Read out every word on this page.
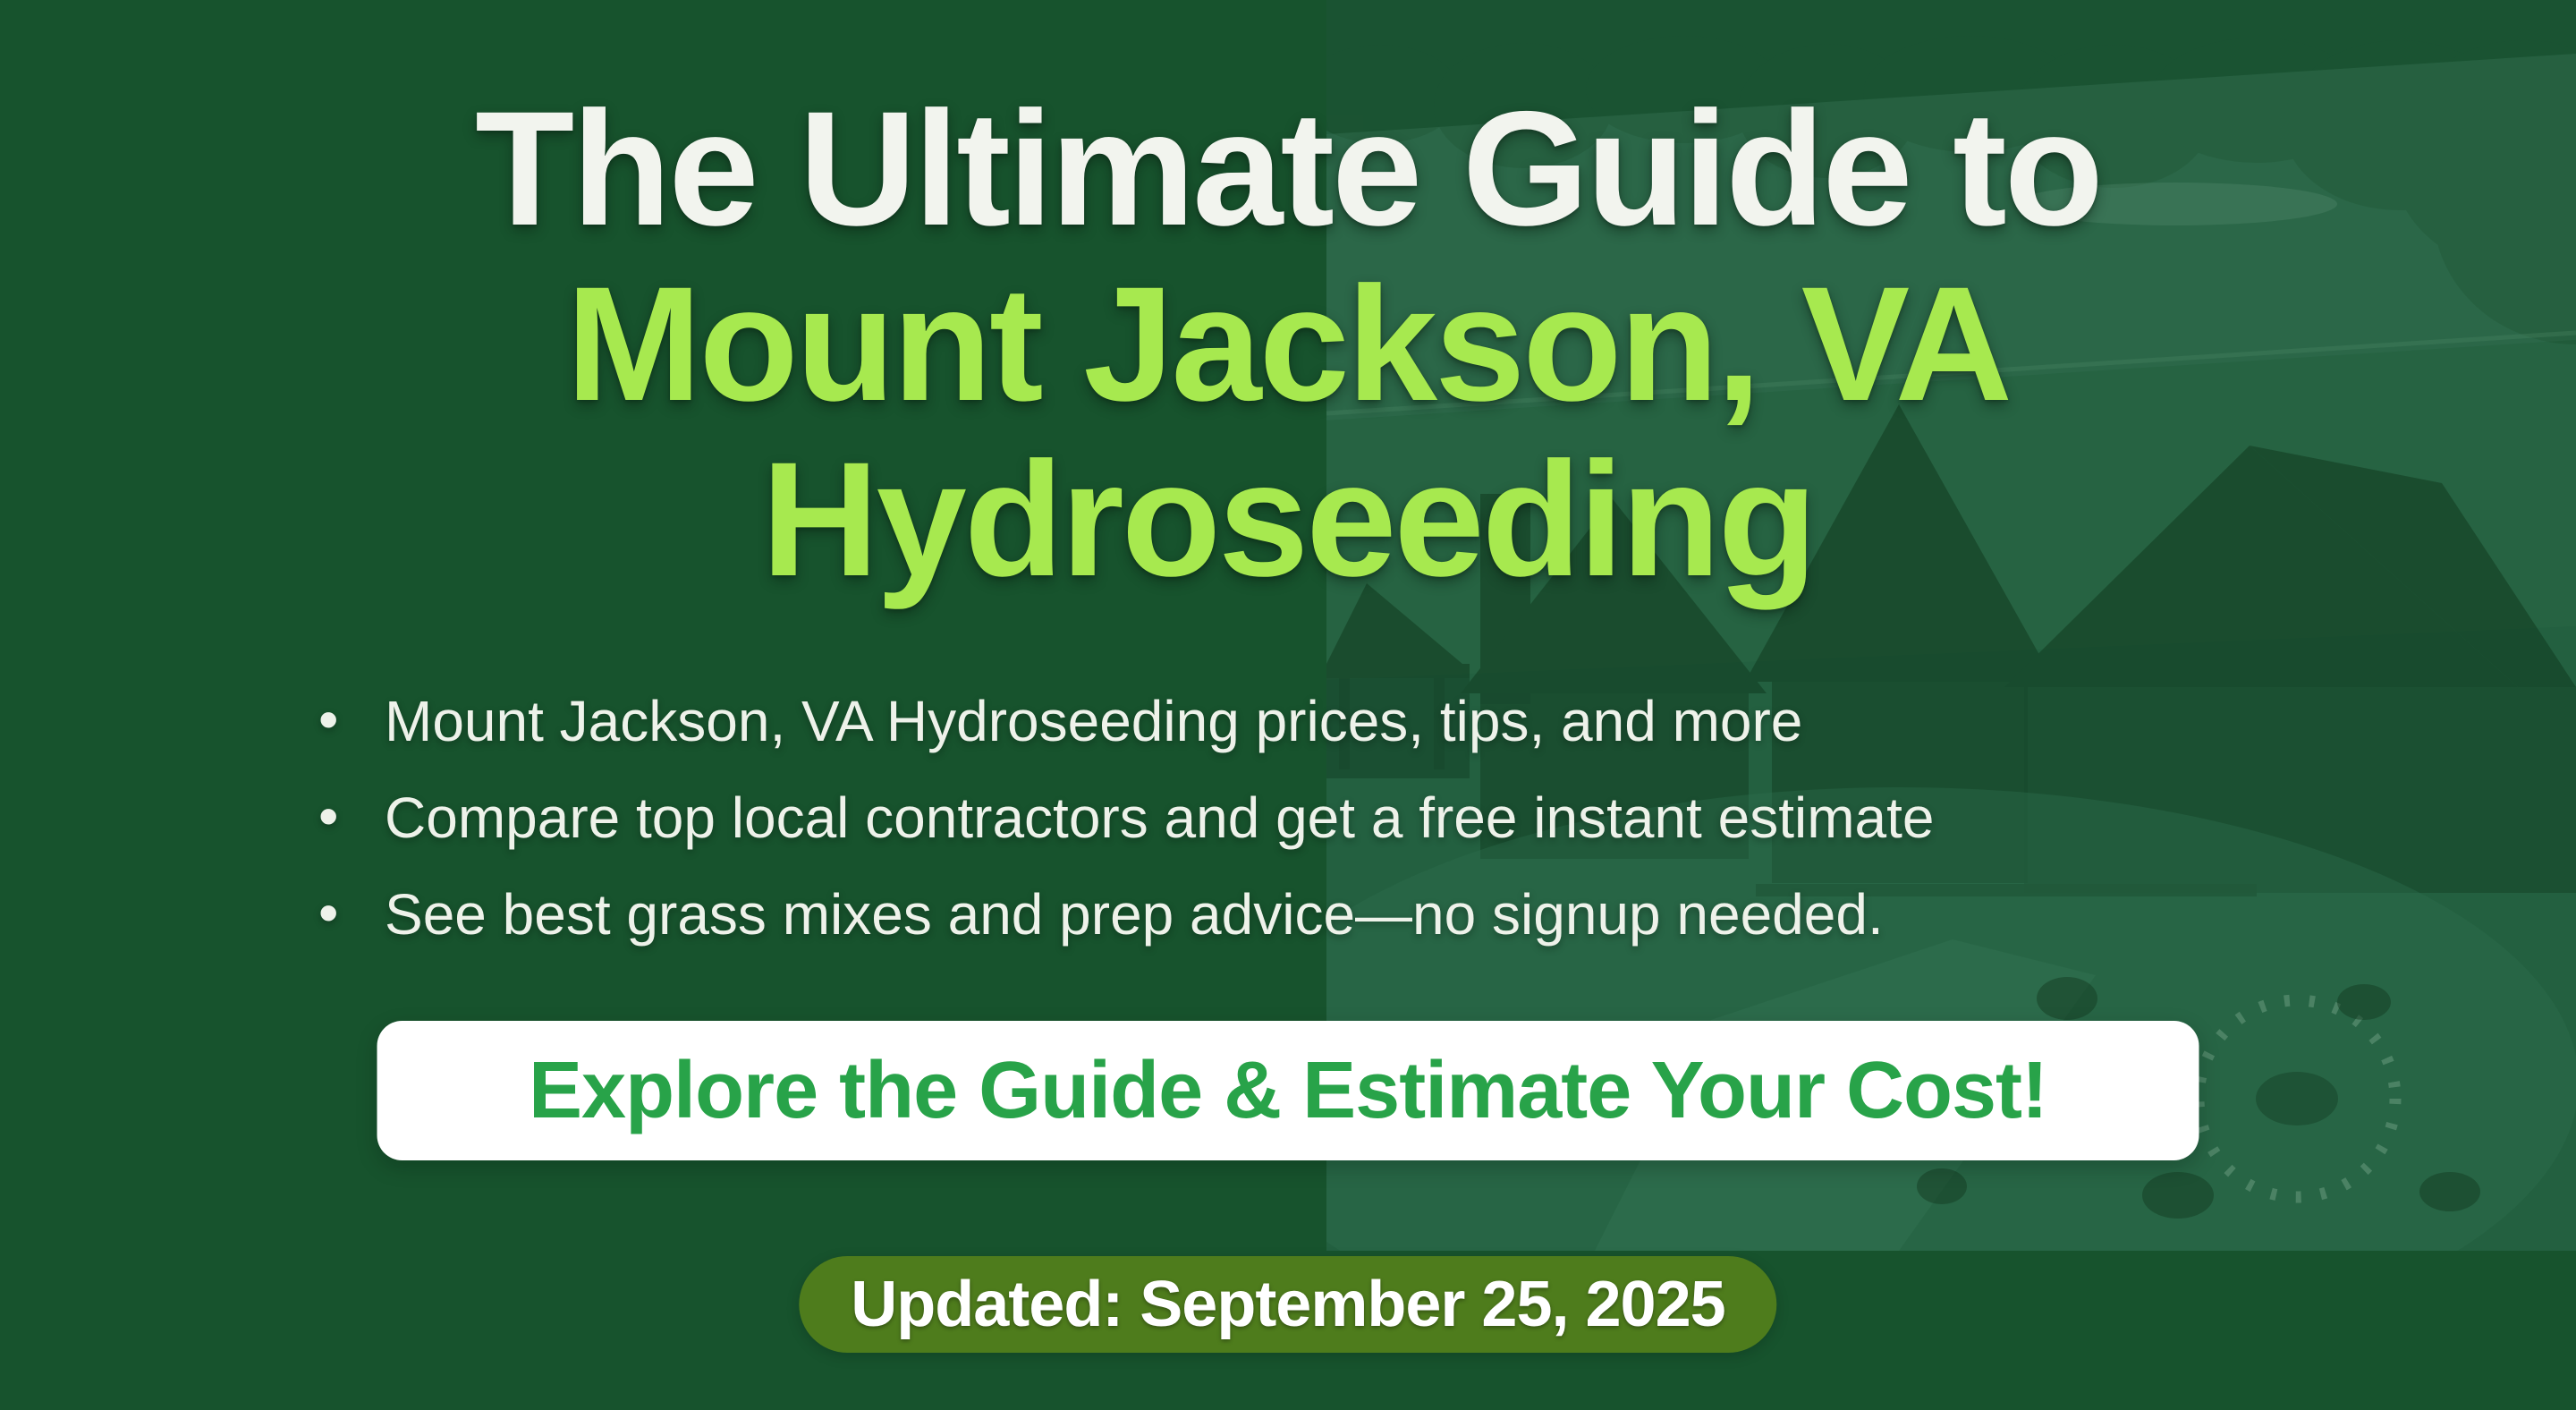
The Ultimate Guide to
Mount Jackson, VA
Hydroseeding
• Mount Jackson, VA Hydroseeding prices, tips, and more
• Compare top local contractors and get a free instant estimate
• See best grass mixes and prep advice—no signup needed.
Explore the Guide & Estimate Your Cost!
Updated: September 25, 2025
